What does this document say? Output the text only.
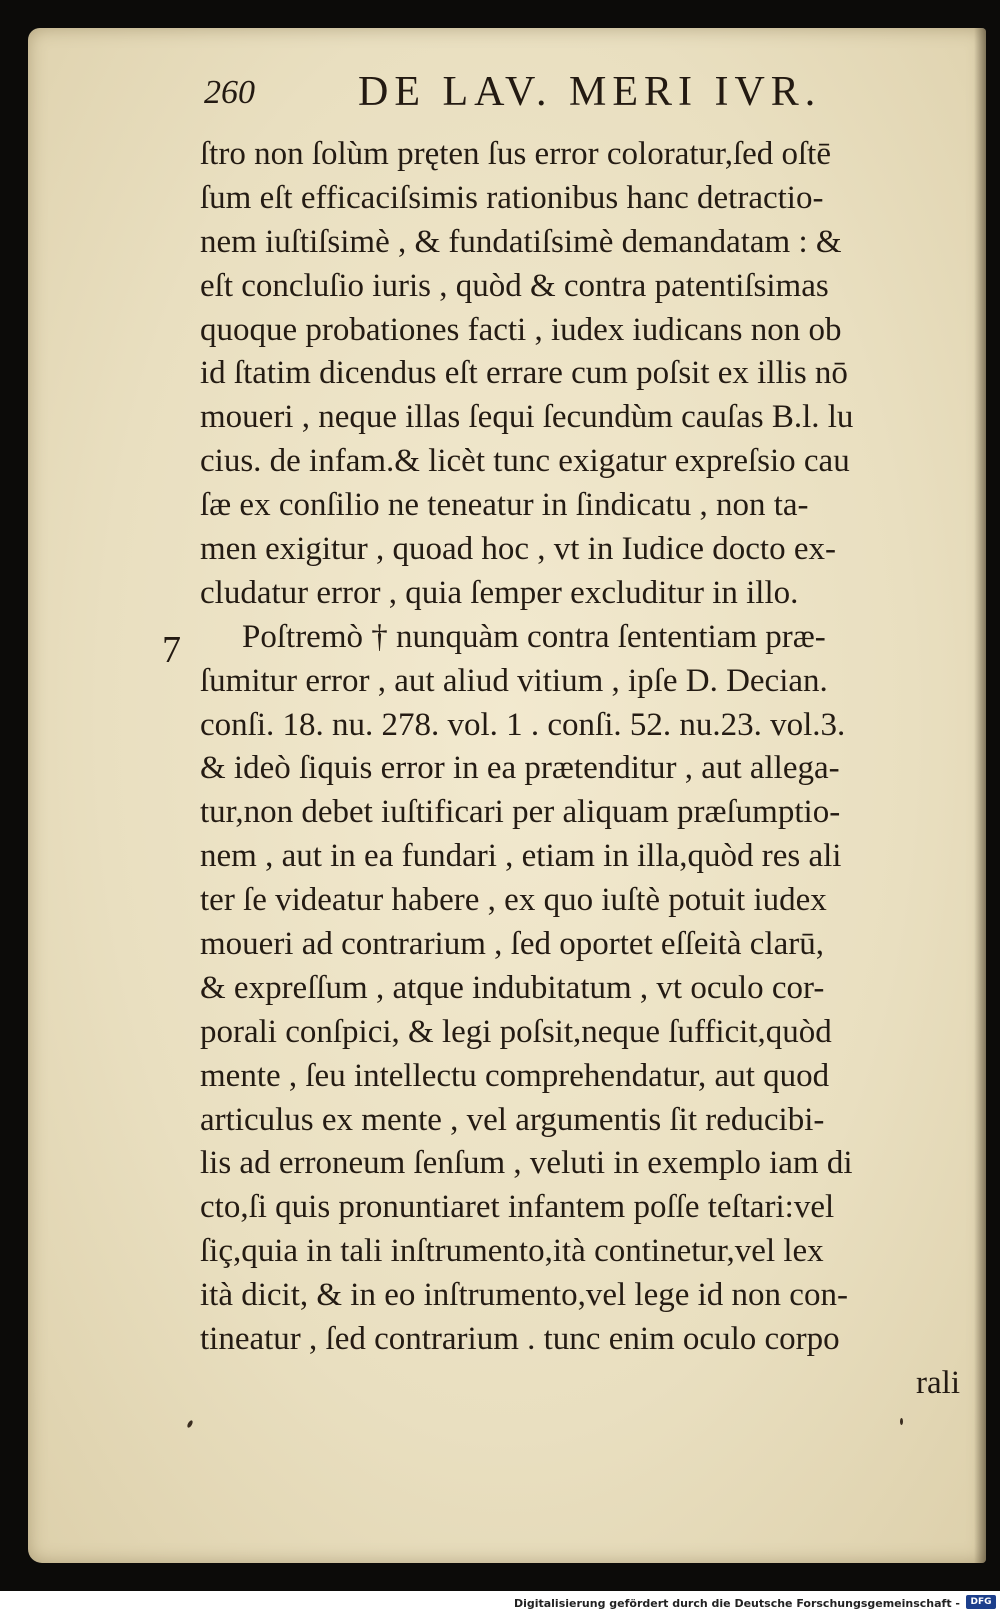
260 DE LAV. MERI IVR.
7
ſtro non ſolùm pręten ſus error coloratur,ſed oſtē
ſum eſt efficaciſsimis rationibus hanc detractio-
nem iuſtiſsimè , & fundatiſsimè demandatam : &
eſt concluſio iuris , quòd & contra patentiſsimas
quoque probationes facti , iudex iudicans non ob
id ſtatim dicendus eſt errare cum poſsit ex illis nō
moueri , neque illas ſequi ſecundùm cauſas B.l. lu
cius. de infam.& licèt tunc exigatur expreſsio cau
ſæ ex conſilio ne teneatur in ſindicatu , non ta-
men exigitur , quoad hoc , vt in Iudice docto ex-
cludatur error , quia ſemper excluditur in illo.
Poſtremò † nunquàm contra ſententiam præ-
ſumitur error , aut aliud vitium , ipſe D. Decian.
conſi. 18. nu. 278. vol. 1 . conſi. 52. nu.23. vol.3.
& ideò ſiquis error in ea prætenditur , aut allega-
tur,non debet iuſtificari per aliquam præſumptio-
nem , aut in ea fundari , etiam in illa,quòd res ali
ter ſe videatur habere , ex quo iuſtè potuit iudex
moueri ad contrarium , ſed oportet eſſeità clarū,
& expreſſum , atque indubitatum , vt oculo cor-
porali conſpici, & legi poſsit,neque ſufficit,quòd
mente , ſeu intellectu comprehendatur, aut quod
articulus ex mente , vel argumentis ſit reducibi-
lis ad erroneum ſenſum , veluti in exemplo iam di
cto,ſi quis pronuntiaret infantem poſſe teſtari:vel
ſiç,quia in tali inſtrumento,ità continetur,vel lex
ità dicit, & in eo inſtrumento,vel lege id non con-
tineatur , ſed contrarium . tunc enim oculo corpo
rali
Digitalisierung gefördert durch die Deutsche Forschungsgemeinschaft -	DFG
